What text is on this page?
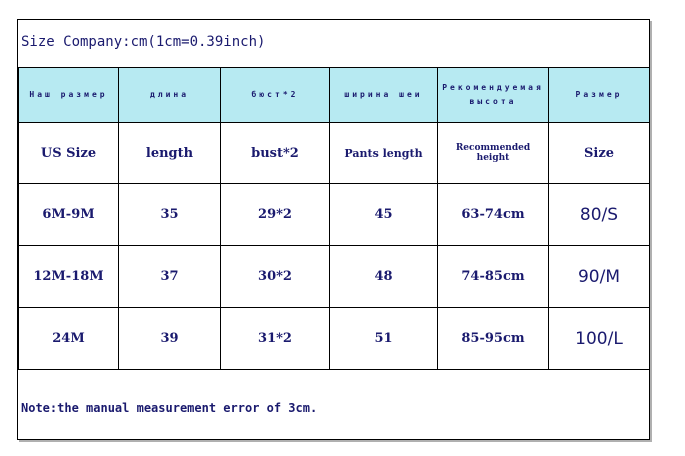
Size Company:cm(1cm=0.39inch)
Наш размер	длина	бюст*2	ширина шеи	Рекомендуемая высота	Размер
US Size	length	bust*2	Pants length	Recommended height	Size
6M-9M	35	29*2	45	63-74cm	80/S
12M-18M	37	30*2	48	74-85cm	90/M
24M	39	31*2	51	85-95cm	100/L
Note:the manual measurement error of 3cm.
